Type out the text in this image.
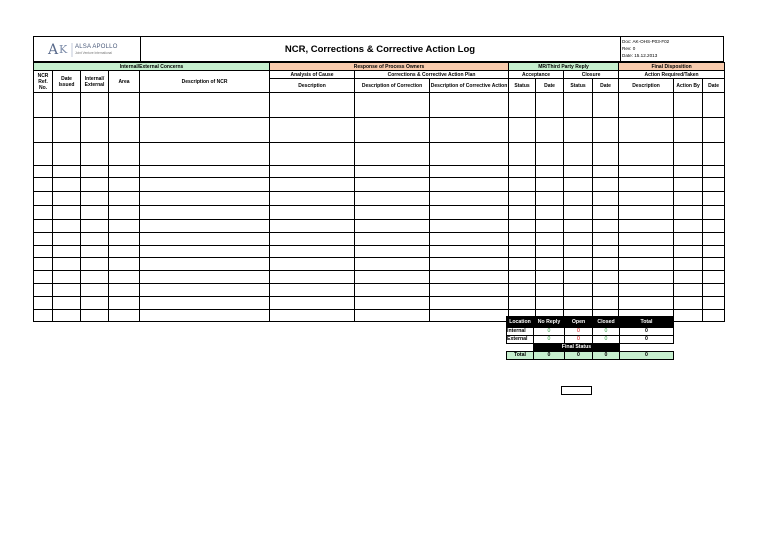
A K ALSA APOLLO
Joint Venture International	NCR, Corrections & Corrective Action Log
Doc: AK-OHS-P03-F02
Rev: 0
Date: 15.12.2013
Internal/External Concerns					Response of Process Owners			MR/Third Party Reply				Final Disposition		
NCR Ref. No.	Date Issued	Internal/ External	Area	Description of NCR	Analysis of Cause	Corrections & Corrective Action Plan		Acceptance		Closure		Action Required/Taken		
					Description	Description of Correction	Description of Corrective Action	Status	Date	Status	Date	Description	Action By	Date

Location	No Reply	Open	Closed	Total
Internal	0	0	0	0
External	0	0	0	0
	Final Status			
Total	0	0	0	0
